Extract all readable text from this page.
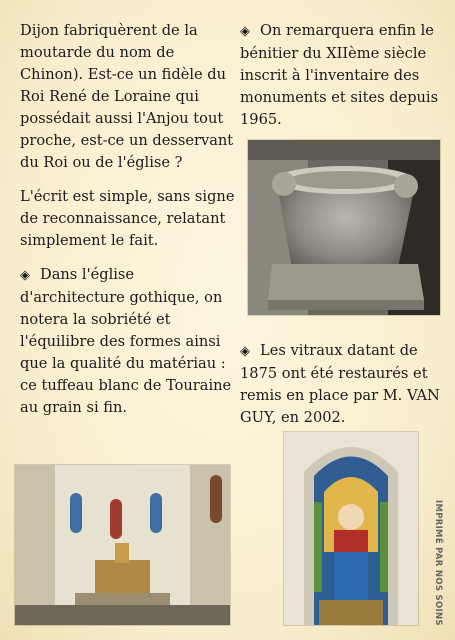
Dijon fabriquèrent de la moutarde du nom de Chinon). Est-ce un fidèle du Roi René de Loraine qui possédait aussi l'Anjou tout proche, est-ce un desservant du Roi ou de l'église ?

L'écrit est simple, sans signe de reconnaissance, relatant simplement le fait.

◈ Dans l'église d'architecture gothique, on notera la sobriété et l'équilibre des formes ainsi que la qualité du matériau : ce tuffeau blanc de Touraine au grain si fin.

◈ On remarquera enfin le bénitier du XIIème siècle inscrit à l'inventaire des monuments et sites depuis 1965.

◈ Les vitraux datant de 1875 ont été restaurés et remis en place par M. VAN GUY, en 2002.

IMPRIMÉ PAR NOS SOINS
